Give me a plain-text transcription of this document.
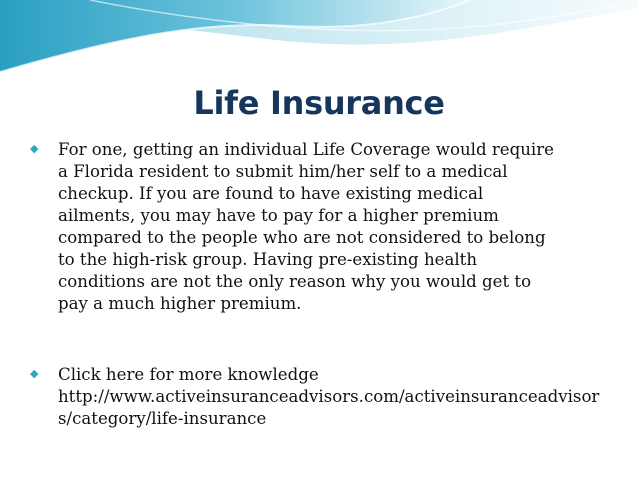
Life Insurance
◆ For one, getting an individual Life Coverage would require
a Florida resident to submit him/her self to a medical
checkup. If you are found to have existing medical
ailments, you may have to pay for a higher premium
compared to the people who are not considered to belong
to the high-risk group. Having pre-existing health
conditions are not the only reason why you would get to
pay a much higher premium.
◆ Click here for more knowledge
http://www.activeinsuranceadvisors.com/activeinsuranceadvisors/category/life-insurance
